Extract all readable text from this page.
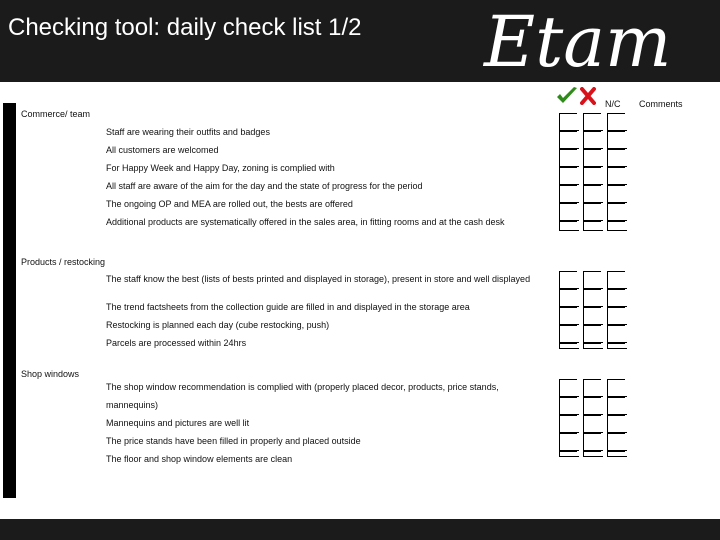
Checking tool: daily check list 1/2 Etam
N/C Comments
Commerce/ team
Staff are wearing their outfits and badges
All customers are welcomed
For Happy Week and Happy Day, zoning is complied with
All staff are aware of the aim for the day and the state of progress for the period
The ongoing OP and MEA are rolled out, the bests are offered
Additional products are systematically offered in the sales area, in fitting rooms and at the cash desk
Products / restocking
The staff know the best (lists of bests printed and displayed in storage), present in store and well displayed
The trend factsheets from the collection guide are filled in and displayed in the storage area
Restocking is planned each day (cube restocking, push)
Parcels are processed within 24hrs
Shop windows
The shop window recommendation is complied with (properly placed decor, products, price stands,
mannequins)
Mannequins and pictures are well lit
The price stands have been filled in properly and placed outside
The floor and shop window elements are clean
